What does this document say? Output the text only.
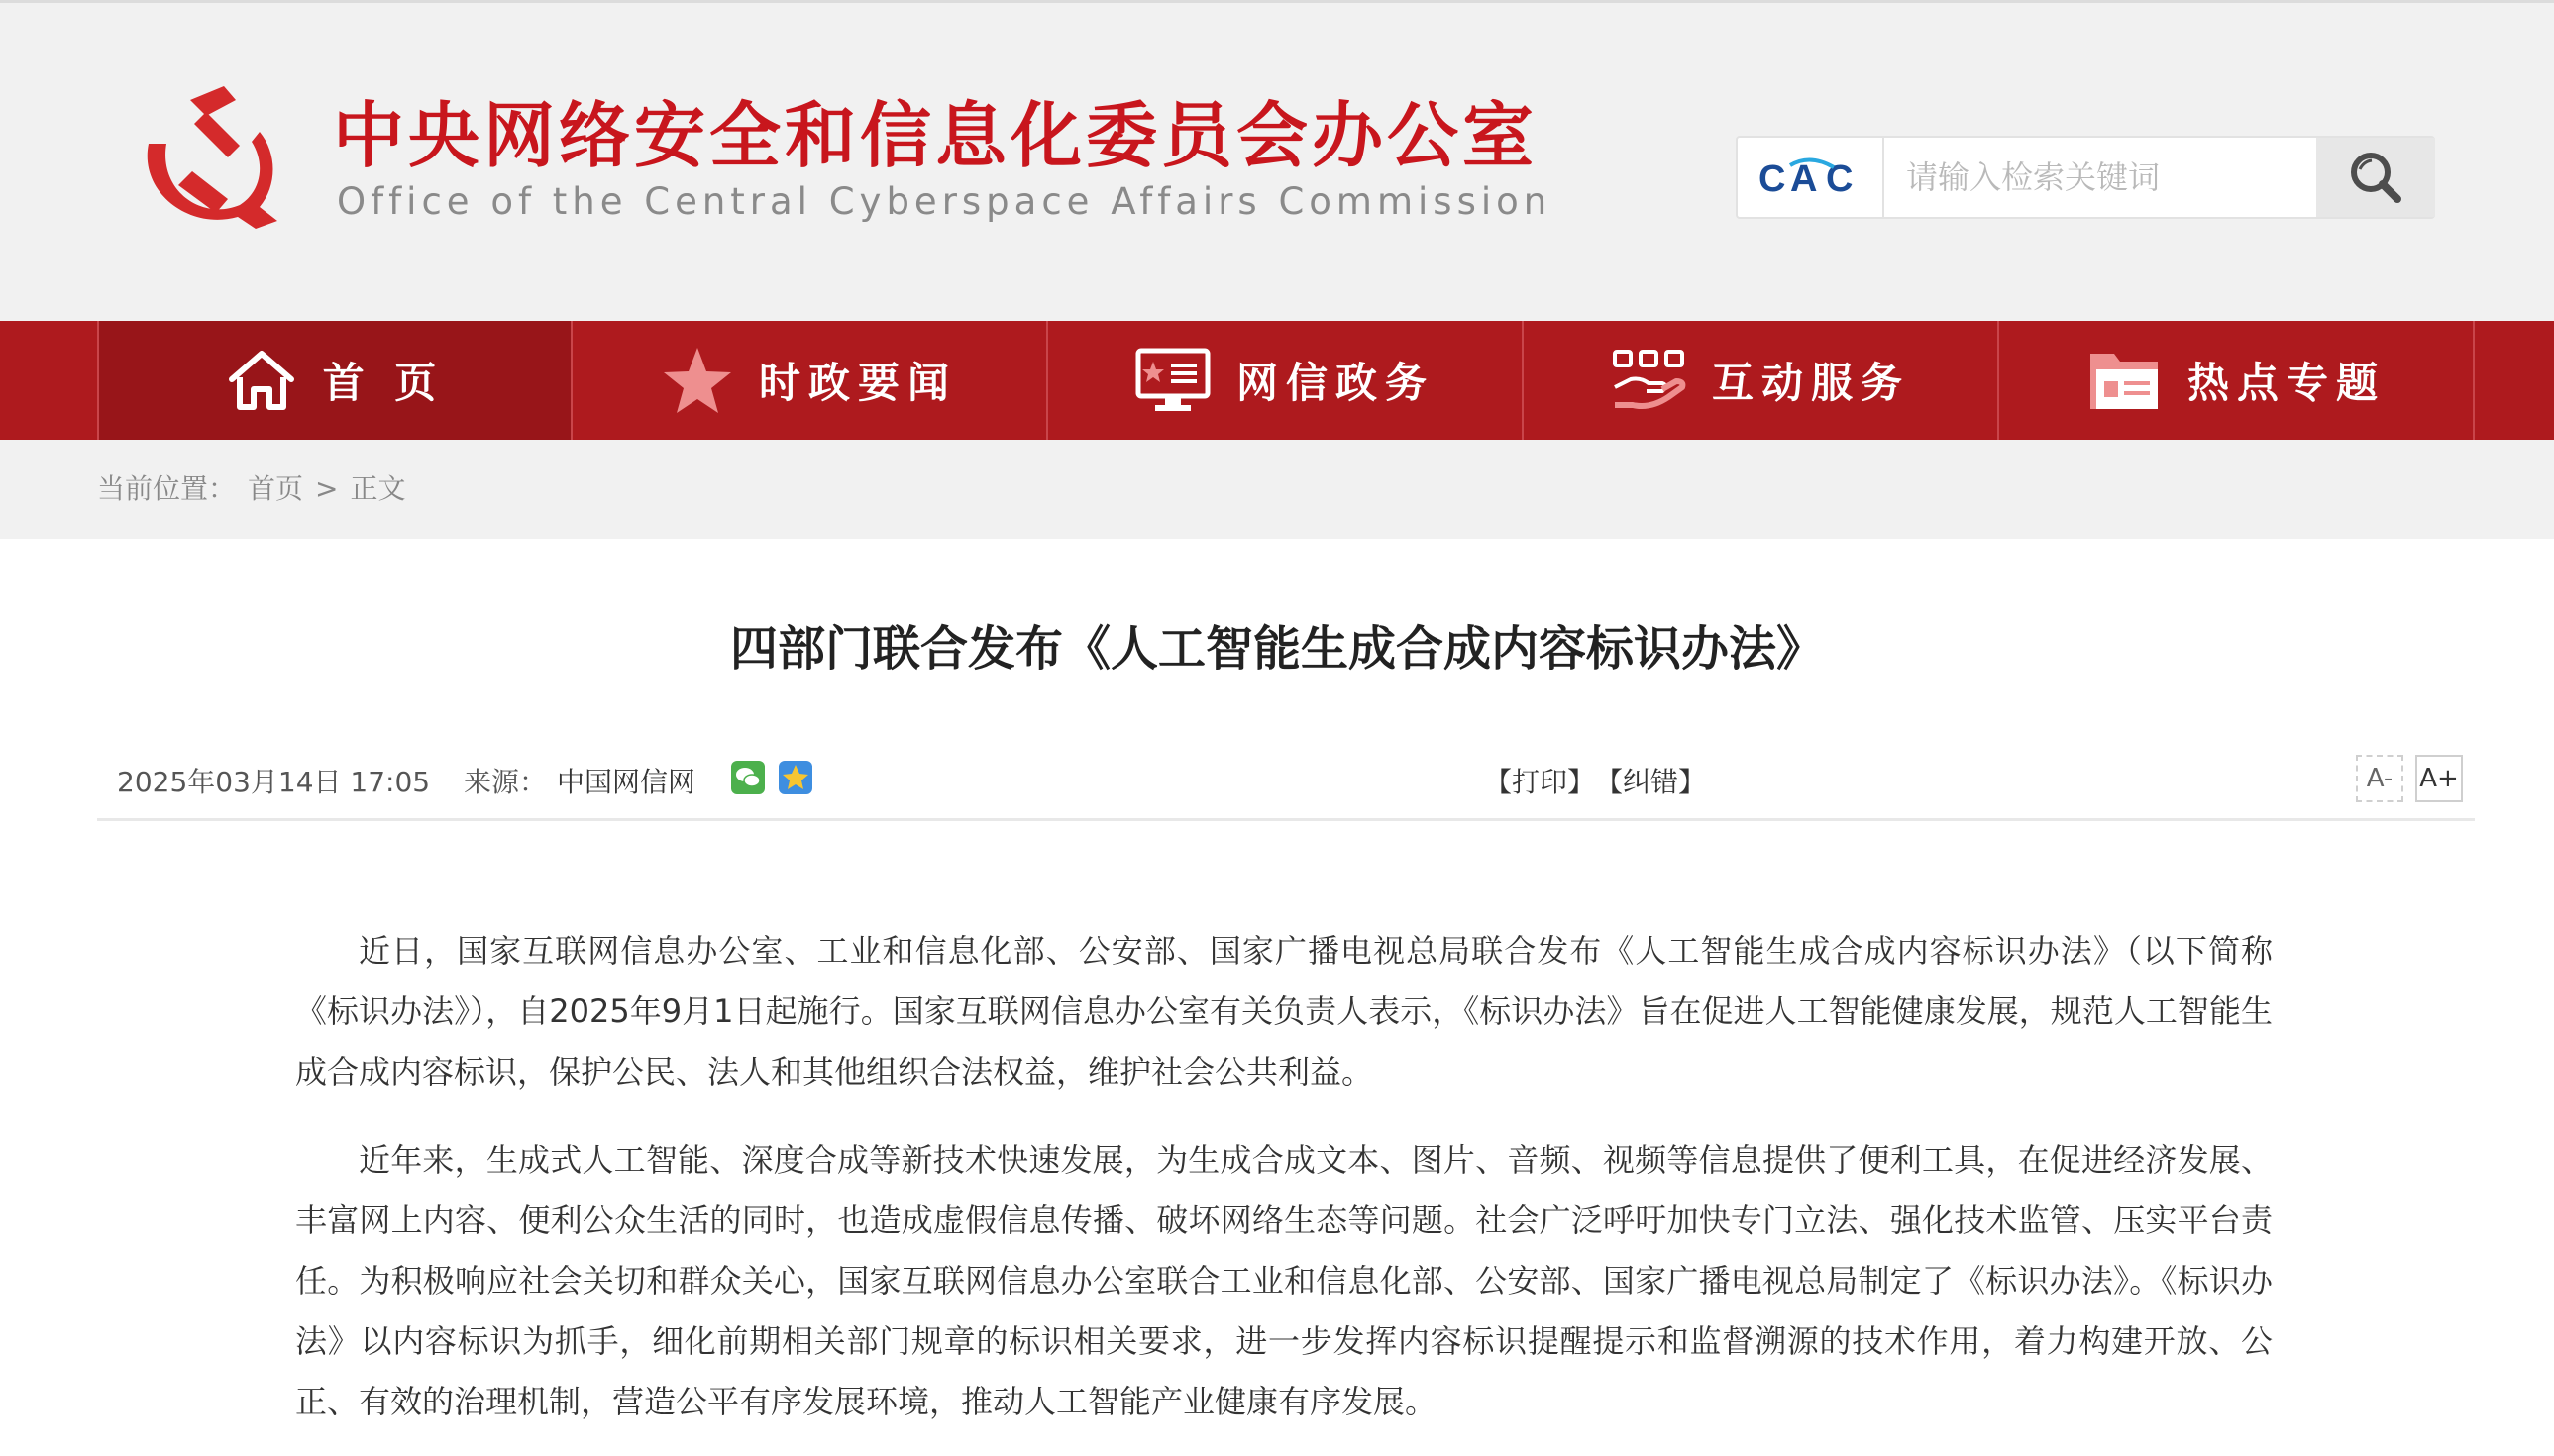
中央网络安全和信息化委员会办公室
Office of the Central Cyberspace Affairs Commission
C A C
请输入检索关键词
首 页	时政要闻	网信政务	互动服务	热点专题
当前位置： 首页 > 正文
四部门联合发布《人工智能生成合成内容标识办法》
2025年03月14日 17:05 来源： 中国网信网	【打印】 【纠错】	A-	A+

近日，国家互联网信息办公室、工业和信息化部、公安部、国家广播电视总局联合发布《人工智能生成合成内容标识办法》（以下简称《标识办法》），自2025年9月1日起施行。国家互联网信息办公室有关负责人表示，《标识办法》旨在促进人工智能健康发展，规范人工智能生成合成内容标识，保护公民、法人和其他组织合法权益，维护社会公共利益。

近年来，生成式人工智能、深度合成等新技术快速发展，为生成合成文本、图片、音频、视频等信息提供了便利工具，在促进经济发展、丰富网上内容、便利公众生活的同时，也造成虚假信息传播、破坏网络生态等问题。社会广泛呼吁加快专门立法、强化技术监管、压实平台责任。为积极响应社会关切和群众关心，国家互联网信息办公室联合工业和信息化部、公安部、国家广播电视总局制定了《标识办法》。《标识办法》以内容标识为抓手，细化前期相关部门规章的标识相关要求，进一步发挥内容标识提醒提示和监督溯源的技术作用，着力构建开放、公正、有效的治理机制，营造公平有序发展环境，推动人工智能产业健康有序发展。
